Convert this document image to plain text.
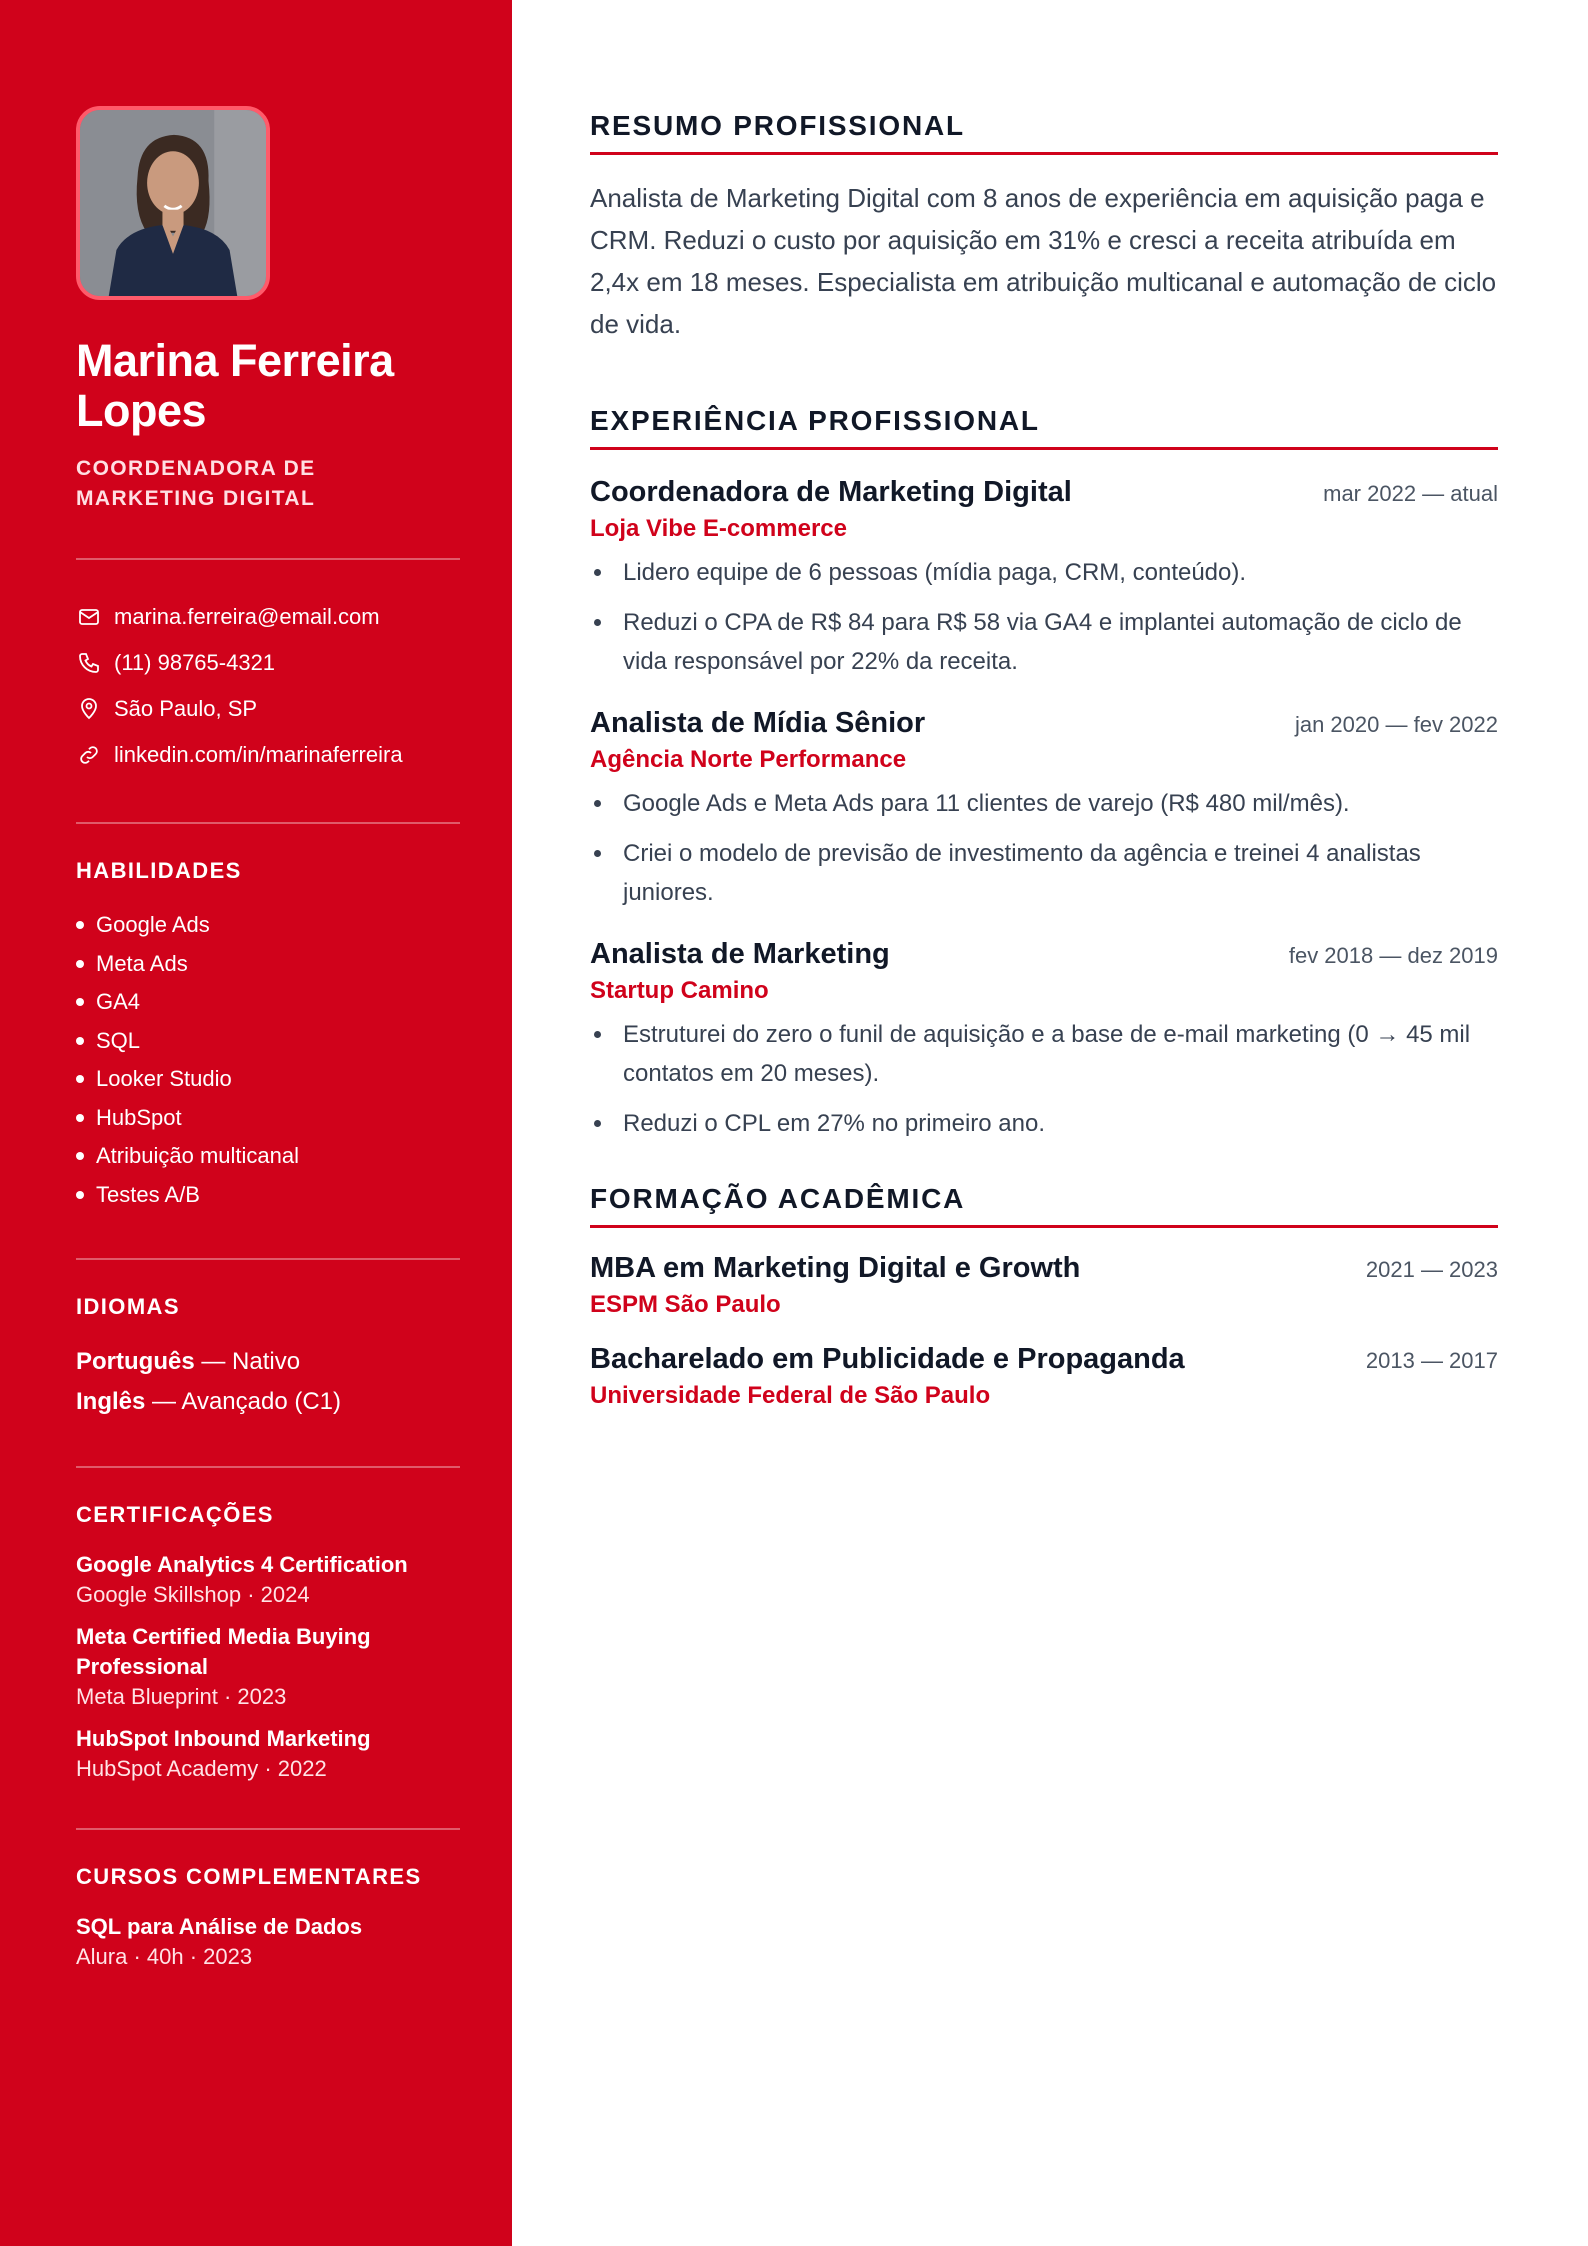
Marina Ferreira Lopes
COORDENADORA DE MARKETING DIGITAL
marina.ferreira@email.com
(11) 98765-4321
São Paulo, SP
linkedin.com/in/marinaferreira
HABILIDADES
Google Ads
Meta Ads
GA4
SQL
Looker Studio
HubSpot
Atribuição multicanal
Testes A/B
IDIOMAS
Português — Nativo
Inglês — Avançado (C1)
CERTIFICAÇÕES
Google Analytics 4 Certification
Google Skillshop · 2024
Meta Certified Media Buying Professional
Meta Blueprint · 2023
HubSpot Inbound Marketing
HubSpot Academy · 2022
CURSOS COMPLEMENTARES
SQL para Análise de Dados
Alura · 40h · 2023
RESUMO PROFISSIONAL

Analista de Marketing Digital com 8 anos de experiência em aquisição paga e CRM. Reduzi o custo por aquisição em 31% e cresci a receita atribuída em 2,4x em 18 meses. Especialista em atribuição multicanal e automação de ciclo de vida.

EXPERIÊNCIA PROFISSIONAL
Coordenadora de Marketing Digital	mar 2022 — atual
Loja Vibe E-commerce
Lidero equipe de 6 pessoas (mídia paga, CRM, conteúdo).
Reduzi o CPA de R$ 84 para R$ 58 via GA4 e implantei automação de ciclo de vida responsável por 22% da receita.
Analista de Mídia Sênior	jan 2020 — fev 2022
Agência Norte Performance
Google Ads e Meta Ads para 11 clientes de varejo (R$ 480 mil/mês).
Criei o modelo de previsão de investimento da agência e treinei 4 analistas juniores.
Analista de Marketing	fev 2018 — dez 2019
Startup Camino
Estruturei do zero o funil de aquisição e a base de e-mail marketing (0 → 45 mil contatos em 20 meses).
Reduzi o CPL em 27% no primeiro ano.
FORMAÇÃO ACADÊMICA
MBA em Marketing Digital e Growth	2021 — 2023
ESPM São Paulo
Bacharelado em Publicidade e Propaganda	2013 — 2017
Universidade Federal de São Paulo
